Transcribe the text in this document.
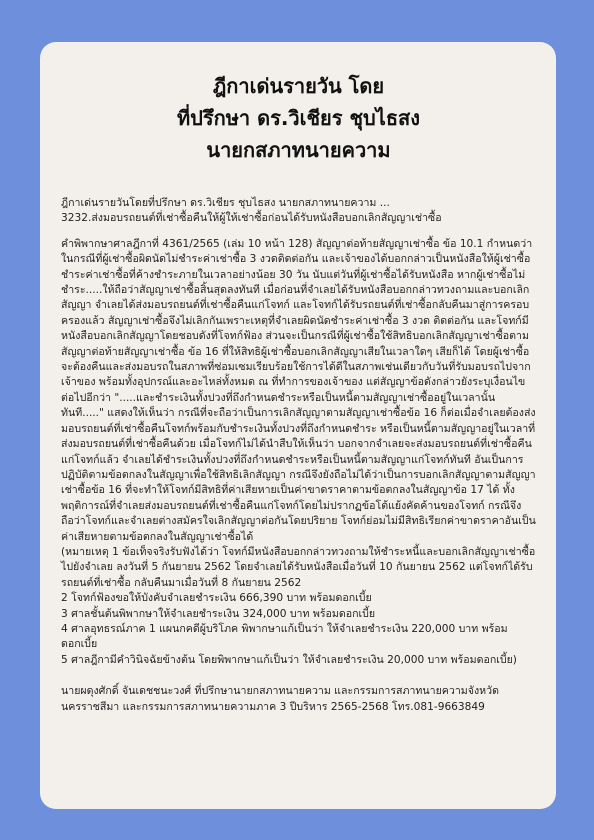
ฎีกาเด่นรายวัน โดย
ที่ปรึกษา ดร.วิเชียร ชุบไธสง
นายกสภาทนายความ

ฎีกาเด่นรายวันโดยที่ปรึกษา ดร.วิเชียร ชุบไธสง นายกสภาทนายความ ...

3232.ส่งมอบรถยนต์ที่เช่าซื้อคืนให้ผู้ให้เช่าซื้อก่อนได้รับหนังสือบอกเลิกสัญญาเช่าซื้อ

คำพิพากษาศาลฎีกาที่ 4361/2565 (เล่ม 10 หน้า 128) สัญญาต่อท้ายสัญญาเช่าซื้อ ข้อ 10.1 กำหนดว่าในกรณีที่ผู้เช่าซื้อผิดนัดไม่ชำระค่าเช่าซื้อ 3 งวดติดต่อกัน และเจ้าของได้บอกกล่าวเป็นหนังสือให้ผู้เช่าซื้อชำระค่าเช่าซื้อที่ค้างชำระภายในเวลาอย่างน้อย 30 วัน นับแต่วันที่ผู้เช่าซื้อได้รับหนังสือ หากผู้เช่าซื้อไม่ชำระ.....ให้ถือว่าสัญญาเช่าซื้อสิ้นสุดลงทันที เมื่อก่อนที่จำเลยได้รับหนังสือบอกกล่าวทวงถามและบอกเลิกสัญญา จำเลยได้ส่งมอบรถยนต์ที่เช่าซื้อคืนแก่โจทก์ และโจทก์ได้รับรถยนต์ที่เช่าซื้อกลับคืนมาสู่การครอบครองแล้ว สัญญาเช่าซื้อจึงไม่เลิกกันเพราะเหตุที่จำเลยผิดนัดชำระค่าเช่าซื้อ 3 งวด ติดต่อกัน และโจทก์มีหนังสือบอกเลิกสัญญาโดยชอบดังที่โจทก์ฟ้อง ส่วนจะเป็นกรณีที่ผู้เช่าซื้อใช้สิทธิบอกเลิกสัญญาเช่าซื้อตามสัญญาต่อท้ายสัญญาเช่าซื้อ ข้อ 16 ที่ให้สิทธิผู้เช่าซื้อบอกเลิกสัญญาเสียในเวลาใดๆ เสียก็ได้ โดยผู้เช่าซื้อจะต้องคืนและส่งมอบรถในสภาพที่ซ่อมเซมเรียบร้อยใช้การได้ดีในสภาพเช่นเดียวกับวันที่รับมอบรถไปจากเจ้าของ พร้อมทั้งอุปกรณ์และอะไหล่ทั้งหมด ณ ที่ทำการของเจ้าของ แต่สัญญาข้อดังกล่าวยังระบุเงื่อนไขต่อไปอีกว่า ".....และชำระเงินทั้งปวงที่ถึงกำหนดชำระหรือเป็นหนี้ตามสัญญาเช่าซื้ออยู่ในเวลานั้นทันที....." แสดงให้เห็นว่า กรณีที่จะถือว่าเป็นการเลิกสัญญาตามสัญญาเช่าซื้อข้อ 16 ก็ต่อเมื่อจำเลยต้องส่งมอบรถยนต์ที่เช่าซื้อคืนโจทก์พร้อมกับชำระเงินทั้งปวงที่ถึงกำหนดชำระ หรือเป็นหนี้ตามสัญญาอยู่ในเวลาที่ส่งมอบรถยนต์ที่เช่าซื้อคืนด้วย เมื่อโจทก์ไม่ได้นำสืบให้เห็นว่า บอกจากจำเลยจะส่งมอบรถยนต์ที่เช่าซื้อคืนแก่โจทก์แล้ว จำเลยได้ชำระเงินทั้งปวงที่ถึงกำหนดชำระหรือเป็นหนี้ตามสัญญาแก่โจทก์ทันที อันเป็นการปฏิบัติตามข้อตกลงในสัญญาเพื่อใช้สิทธิเลิกสัญญา กรณีจึงยังถือไม่ได้ว่าเป็นการบอกเลิกสัญญาตามสัญญาเช่าซื้อข้อ 16 ที่จะทำให้โจทก์มีสิทธิที่ค่าเสียหายเป็นค่าขาดราคาตามข้อตกลงในสัญญาข้อ 17 ได้ ทั้งพฤติการณ์ที่จำเลยส่งมอบรถยนต์ที่เช่าซื้อคืนแก่โจทก์โดยไม่ปรากฏข้อโต้แย้งคัดค้านของโจทก์ กรณีจึงถือว่าโจทก์และจำเลยต่างสมัครใจเลิกสัญญาต่อกันโดยปริยาย โจทก์ย่อมไม่มีสิทธิเรียกค่าขาดราคาอันเป็นค่าเสียหายตามข้อตกลงในสัญญาเช่าซื้อได้

(หมายเหตุ 1 ข้อเท็จจริงรับฟังได้ว่า โจทก์มีหนังสือบอกกล่าวทวงถามให้ชำระหนี้และบอกเลิกสัญญาเช่าซื้อไปยังจำเลย ลงวันที่ 5 กันยายน 2562 โดยจำเลยได้รับหนังสือเมื่อวันที่ 10 กันยายน 2562 แต่โจทก์ได้รับรถยนต์ที่เช่าซื้อ กลับคืนมาเมื่อวันที่ 8 กันยายน 2562

2 โจทก์ฟ้องขอให้บังคับจำเลยชำระเงิน 666,390 บาท พร้อมดอกเบี้ย

3 ศาลชั้นต้นพิพากษาให้จำเลยชำระเงิน 324,000 บาท พร้อมดอกเบี้ย

4 ศาลอุทธรณ์ภาค 1 แผนกคดีผู้บริโภค พิพากษาแก้เป็นว่า ให้จำเลยชำระเงิน 220,000 บาท พร้อมดอกเบี้ย

5 ศาลฎีกามีคำวินิจฉัยข้างต้น โดยพิพากษาแก้เป็นว่า ให้จำเลยชำระเงิน 20,000 บาท พร้อมดอกเบี้ย)

นายผดุงศักดิ์ จันเดชชนะวงศ์ ที่ปรึกษานายกสภาทนายความ และกรรมการสภาทนายความจังหวัดนครราชสีมา และกรรมการสภาทนายความภาค 3 ปีบริหาร 2565-2568 โทร.081-9663849
